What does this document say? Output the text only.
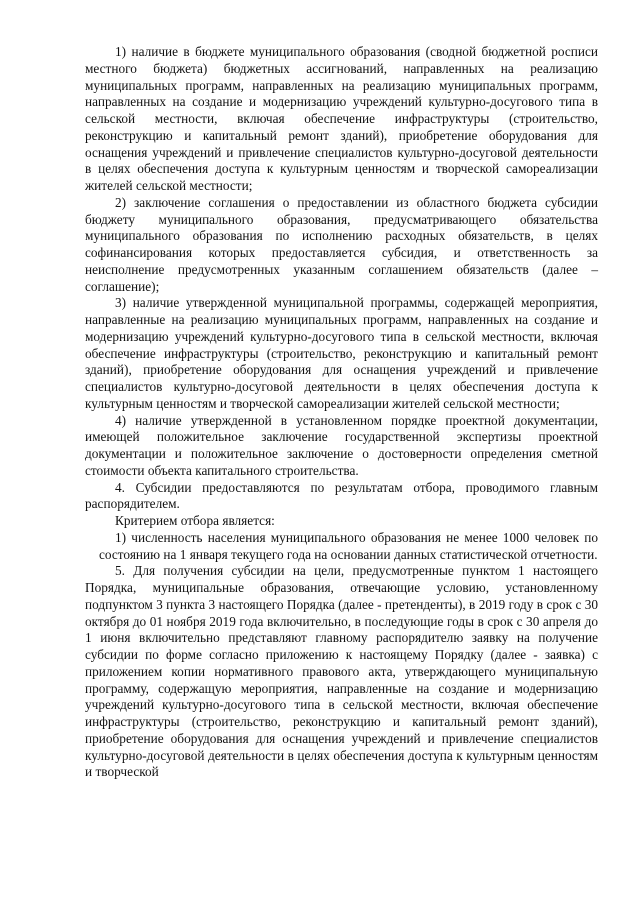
1) наличие в бюджете муниципального образования (сводной бюджетной росписи местного бюджета) бюджетных ассигнований, направленных на реализацию муниципальных программ, направленных на реализацию муниципальных программ, направленных на создание и модернизацию учреждений культурно-досугового типа в сельской местности, включая обеспечение инфраструктуры (строительство, реконструкцию и капитальный ремонт зданий), приобретение оборудования для оснащения учреждений и привлечение специалистов культурно-досуговой деятельности в целях обеспечения доступа к культурным ценностям и творческой самореализации жителей сельской местности;

2) заключение соглашения о предоставлении из областного бюджета субсидии бюджету муниципального образования, предусматривающего обязательства муниципального образования по исполнению расходных обязательств, в целях софинансирования которых предоставляется субсидия, и ответственность за неисполнение предусмотренных указанным соглашением обязательств (далее – соглашение);

3) наличие утвержденной муниципальной программы, содержащей мероприятия, направленные на реализацию муниципальных программ, направленных на создание и модернизацию учреждений культурно-досугового типа в сельской местности, включая обеспечение инфраструктуры (строительство, реконструкцию и капитальный ремонт зданий), приобретение оборудования для оснащения учреждений и привлечение специалистов культурно-досуговой деятельности в целях обеспечения доступа к культурным ценностям и творческой самореализации жителей сельской местности;

4) наличие утвержденной в установленном порядке проектной документации, имеющей положительное заключение государственной экспертизы проектной документации и положительное заключение о достоверности определения сметной стоимости объекта капитального строительства.

4. Субсидии предоставляются по результатам отбора, проводимого главным распорядителем.

Критерием отбора является:

1) численность населения муниципального образования не менее 1000 человек по состоянию на 1 января текущего года на основании данных статистической отчетности.

5. Для получения субсидии на цели, предусмотренные пунктом 1 настоящего Порядка, муниципальные образования, отвечающие условию, установленному подпунктом 3 пункта 3 настоящего Порядка (далее - претенденты), в 2019 году в срок с 30 октября до 01 ноября 2019 года включительно, в последующие годы в срок с 30 апреля до 1 июня включительно представляют главному распорядителю заявку на получение субсидии по форме согласно приложению к настоящему Порядку (далее - заявка) с приложением копии нормативного правового акта, утверждающего муниципальную программу, содержащую мероприятия, направленные на создание и модернизацию учреждений культурно-досугового типа в сельской местности, включая обеспечение инфраструктуры (строительство, реконструкцию и капитальный ремонт зданий), приобретение оборудования для оснащения учреждений и привлечение специалистов культурно-досуговой деятельности в целях обеспечения доступа к культурным ценностям и творческой
